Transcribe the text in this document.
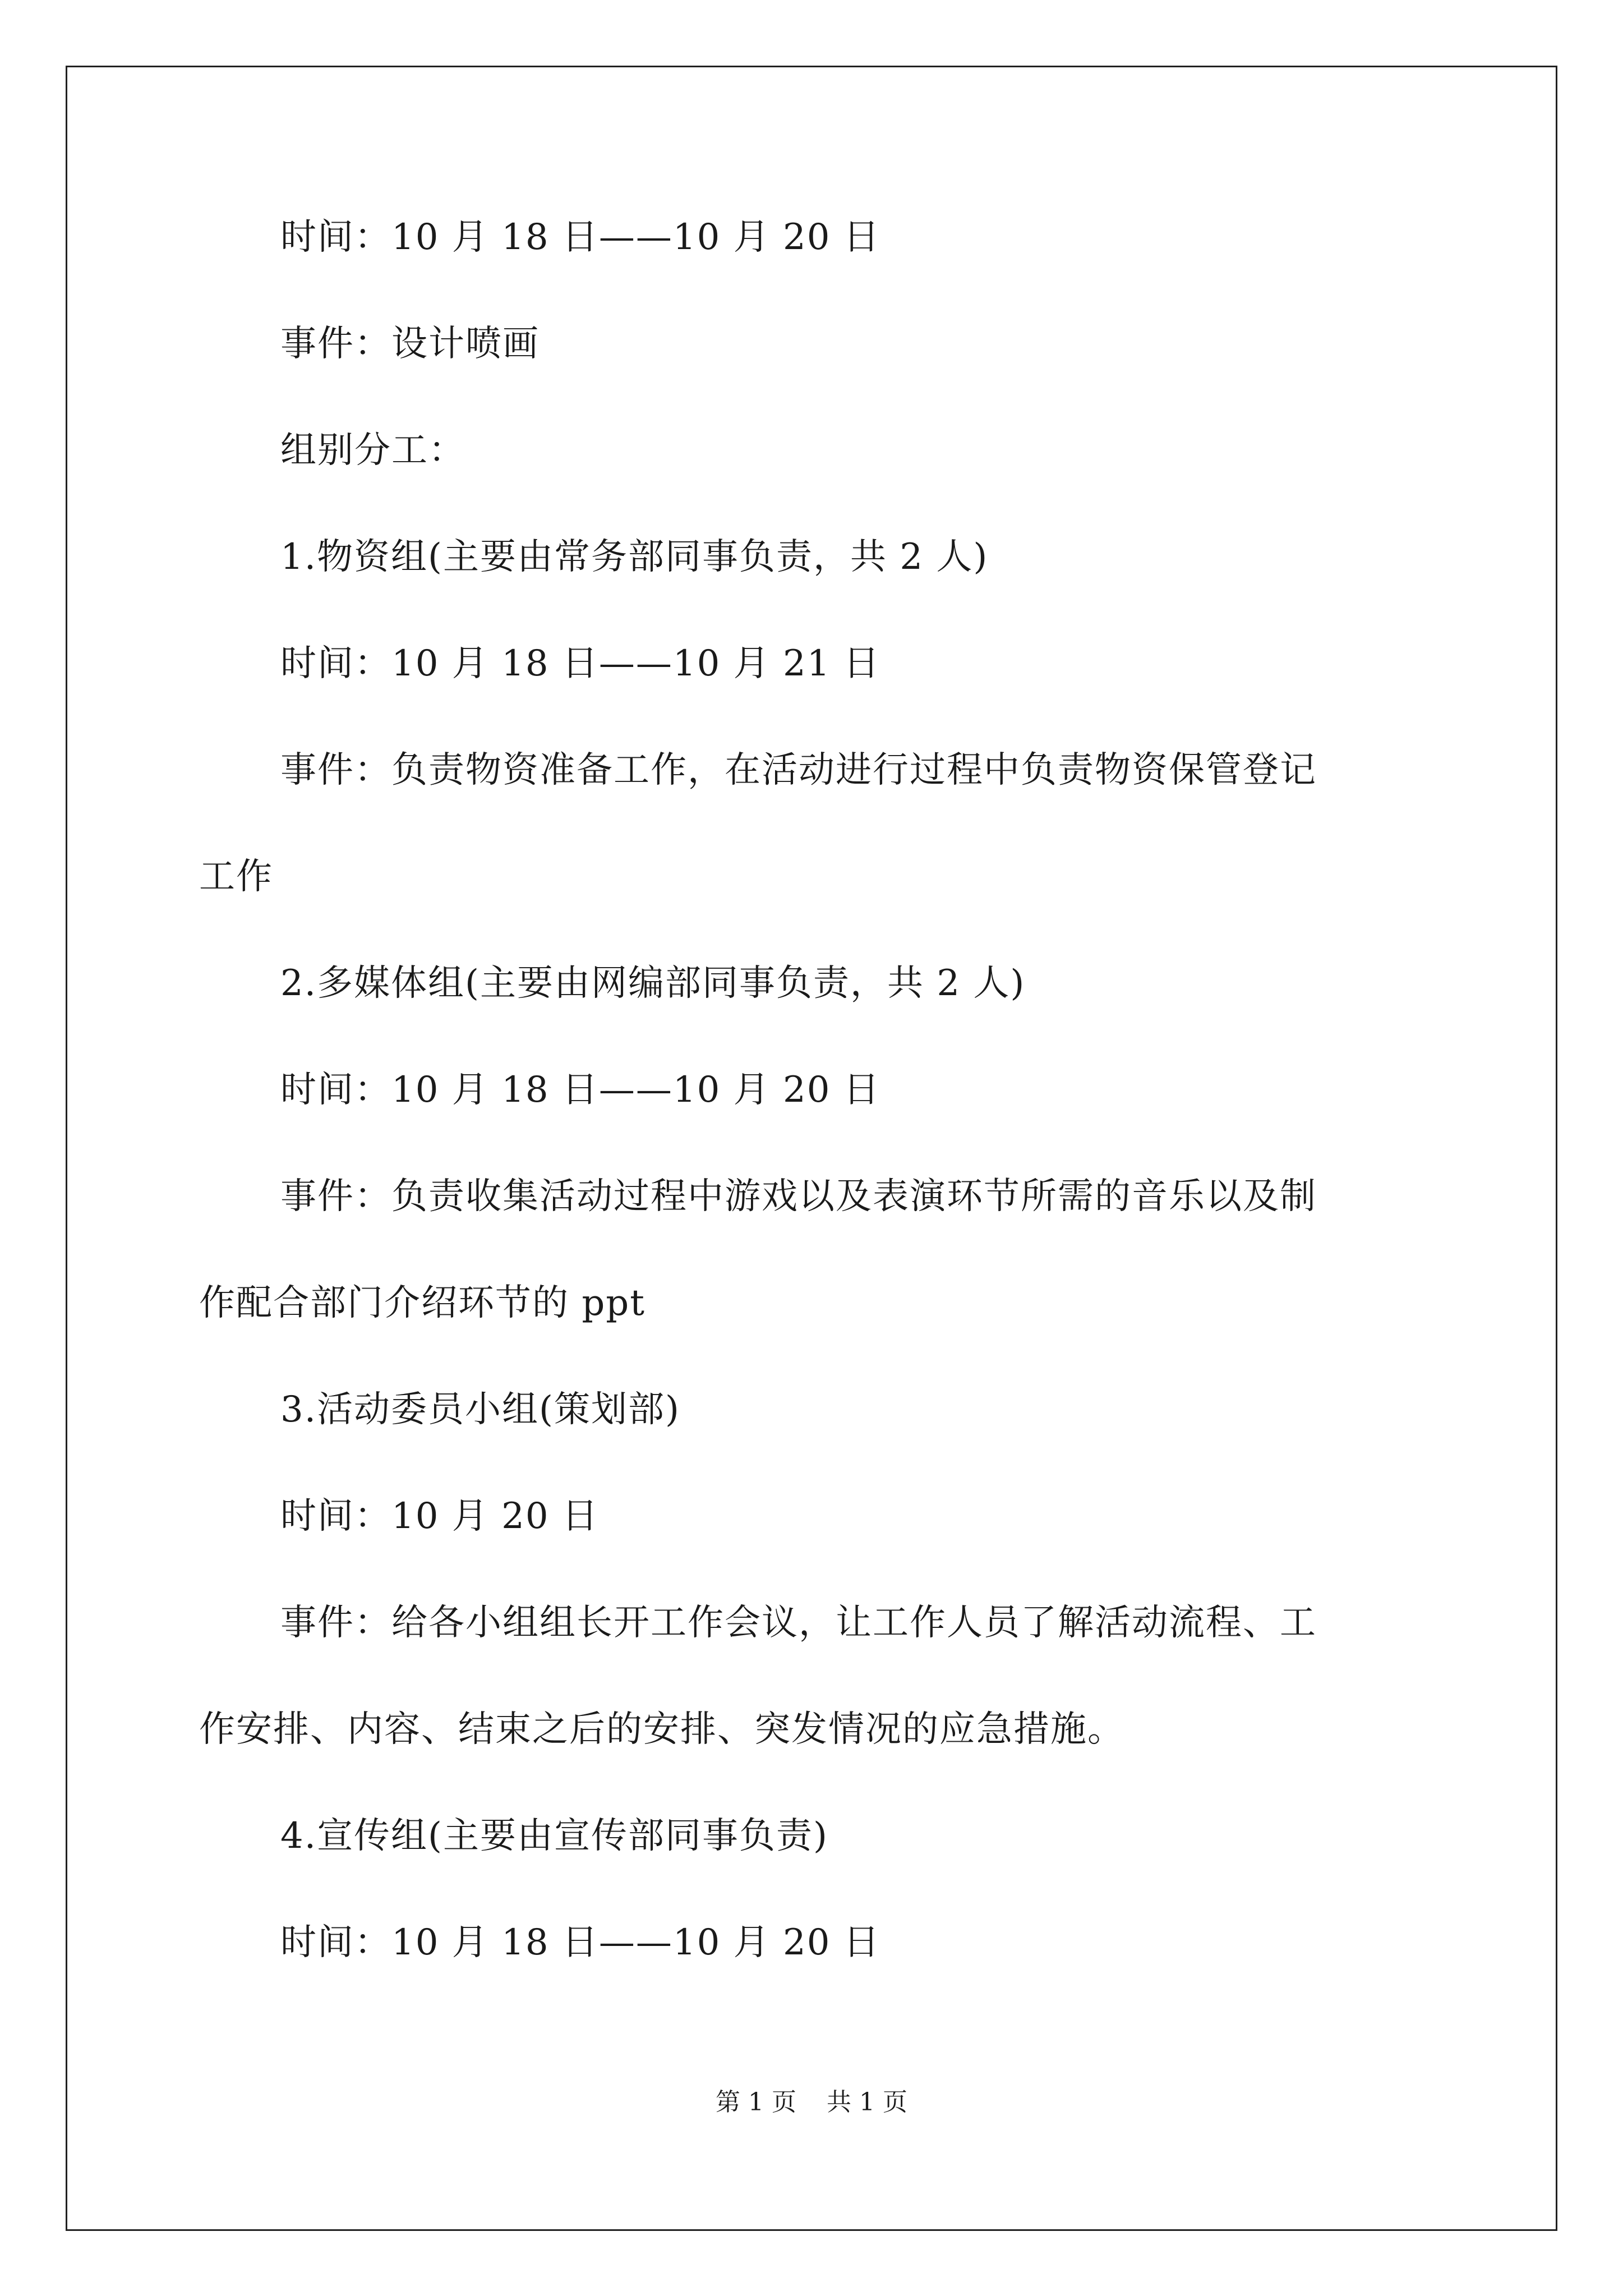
时间：10 月 18 日——10 月 20 日

事件：设计喷画

组别分工：

1.物资组(主要由常务部同事负责，共 2 人)

时间：10 月 18 日——10 月 21 日

事件：负责物资准备工作，在活动进行过程中负责物资保管登记

工作

2.多媒体组(主要由网编部同事负责，共 2 人)

时间：10 月 18 日——10 月 20 日

事件：负责收集活动过程中游戏以及表演环节所需的音乐以及制

作配合部门介绍环节的 ppt

3.活动委员小组(策划部)

时间：10 月 20 日

事件：给各小组组长开工作会议，让工作人员了解活动流程、工

作安排、内容、结束之后的安排、突发情况的应急措施。

4.宣传组(主要由宣传部同事负责)

时间：10 月 18 日——10 月 20 日

第 1 页 共 1 页
